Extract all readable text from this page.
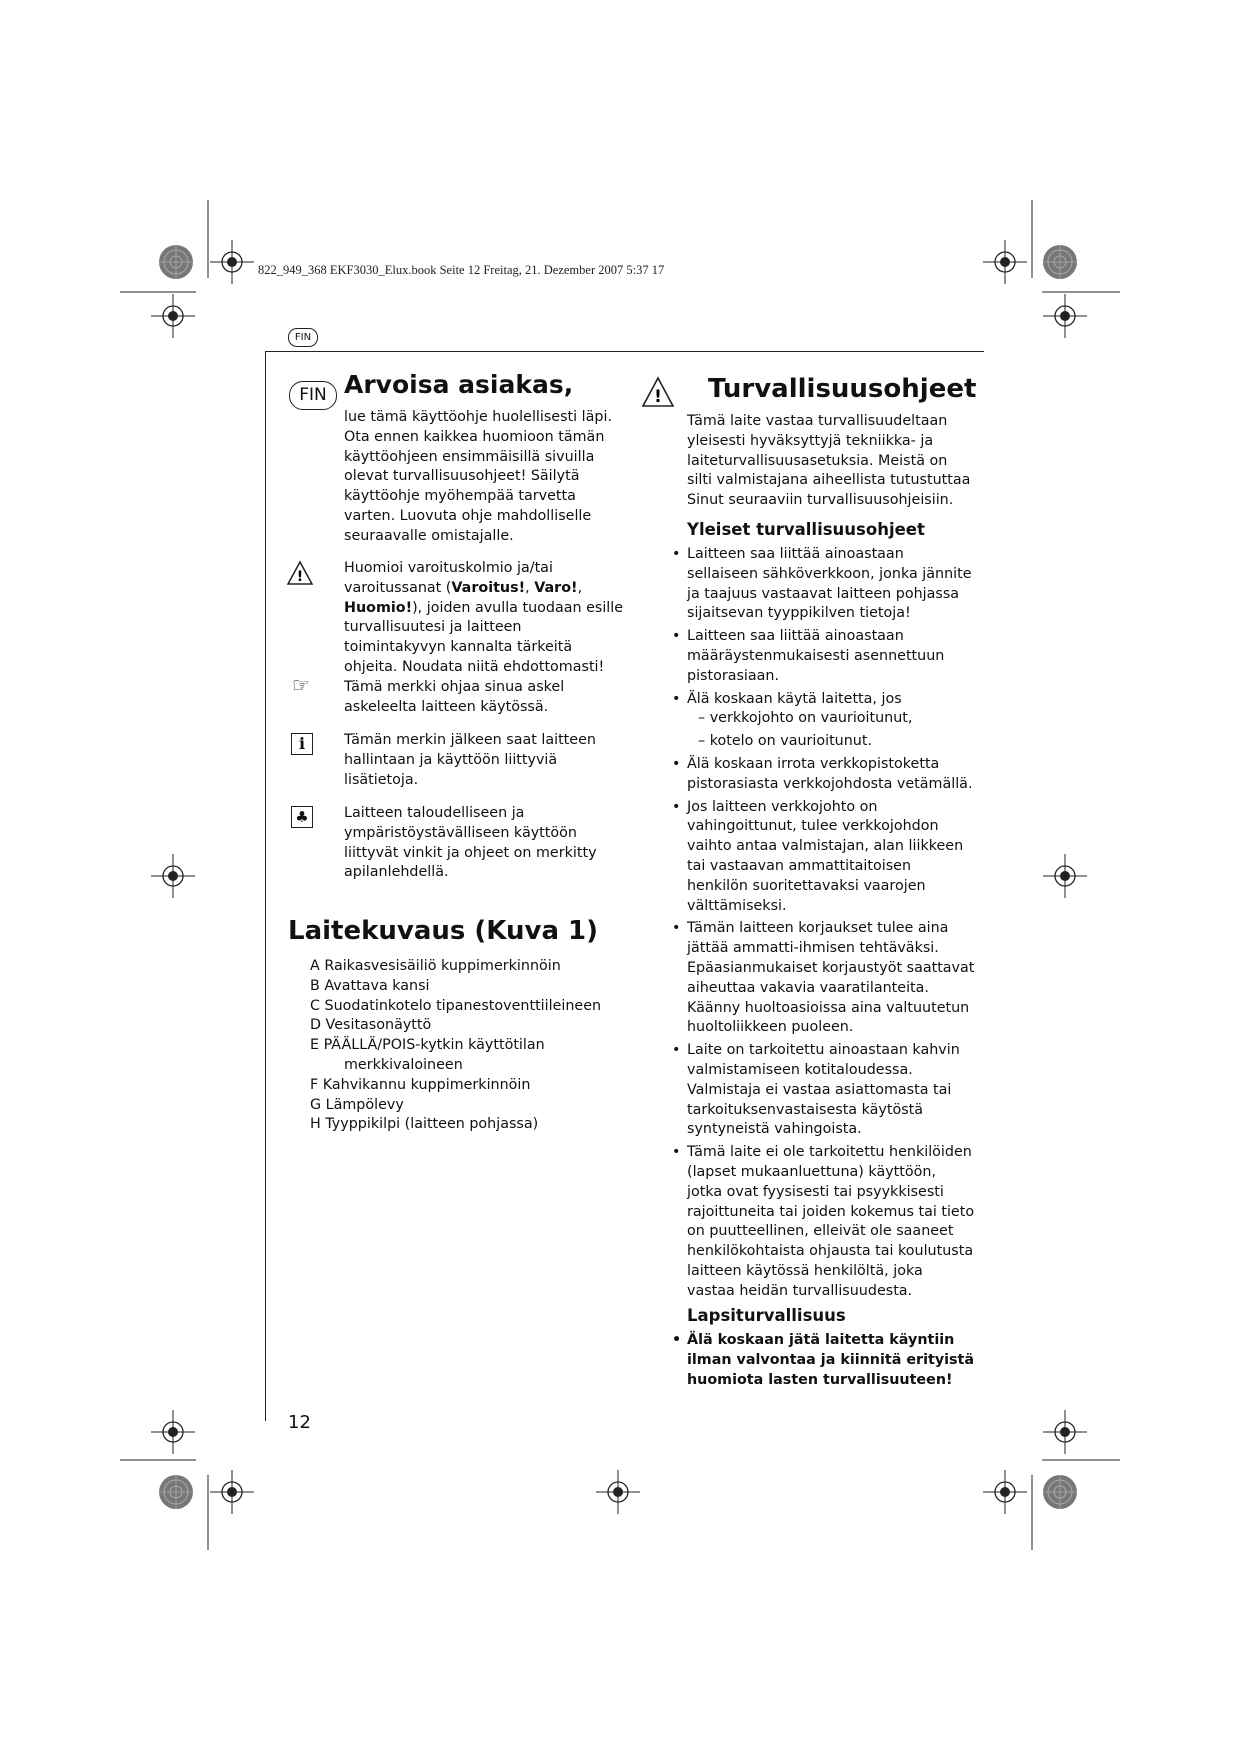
822_949_368 EKF3030_Elux.book Seite 12 Freitag, 21. Dezember 2007 5:37 17
FIN
FIN Arvoisa asiakas,
lue tämä käyttöohje huolellisesti läpi. Ota ennen kaikkea huomioon tämän käyttöohjeen ensimmäisillä sivuilla olevat turvallisuusohjeet! Säilytä käyttöohje myöhempää tarvetta varten. Luovuta ohje mahdolliselle seuraavalle omistajalle.
!
Huomioi varoituskolmio ja/tai varoitussanat (Varoitus!, Varo!, Huomio!), joiden avulla tuodaan esille turvallisuutesi ja laitteen toimintakyvyn kannalta tärkeitä ohjeita. Noudata niitä ehdottomasti!
☞ Tämä merkki ohjaa sinua askel askeleelta laitteen käytössä.
i	Tämän merkin jälkeen saat laitteen hallintaan ja käyttöön liittyviä lisätietoja.
♣ Laitteen taloudelliseen ja ympäristöystävälliseen käyttöön liittyvät vinkit ja ohjeet on merkitty apilanlehdellä.
Laitekuvaus (Kuva 1)
A Raikasvesisäiliö kuppimerkinnöin
B Avattava kansi
C Suodatinkotelo tipanestoventtiileineen
D Vesitasonäyttö
E PÄÄLLÄ/POIS-kytkin käyttötilan
merkkivaloineen
F Kahvikannu kuppimerkinnöin
G Lämpölevy
H Tyyppikilpi (laitteen pohjassa)
12
! Turvallisuusohjeet
Tämä laite vastaa turvallisuudeltaan yleisesti hyväksyttyjä tekniikka- ja laiteturvallisuusasetuksia. Meistä on silti valmistajana aiheellista tutustuttaa Sinut seuraaviin turvallisuusohjeisiin.
Yleiset turvallisuusohjeet
• Laitteen saa liittää ainoastaan sellaiseen sähköverkkoon, jonka jännite ja taajuus vastaavat laitteen pohjassa sijaitsevan tyyppikilven tietoja!
• Laitteen saa liittää ainoastaan määräystenmukaisesti asennettuun pistorasiaan.
• Älä koskaan käytä laitetta, jos
– verkkojohto on vaurioitunut,
– kotelo on vaurioitunut.
• Älä koskaan irrota verkkopistoketta pistorasiasta verkkojohdosta vetämällä.
• Jos laitteen verkkojohto on vahingoittunut, tulee verkkojohdon vaihto antaa valmistajan, alan liikkeen tai vastaavan ammattitaitoisen henkilön suoritettavaksi vaarojen välttämiseksi.
• Tämän laitteen korjaukset tulee aina jättää ammatti-ihmisen tehtäväksi. Epäasianmukaiset korjaustyöt saattavat aiheuttaa vakavia vaaratilanteita. Käänny huoltoasioissa aina valtuutetun huoltoliikkeen puoleen.
• Laite on tarkoitettu ainoastaan kahvin valmistamiseen kotitaloudessa. Valmistaja ei vastaa asiattomasta tai tarkoituksenvastaisesta käytöstä syntyneistä vahingoista.
• Tämä laite ei ole tarkoitettu henkilöiden (lapset mukaanluettuna) käyttöön, jotka ovat fyysisesti tai psyykkisesti rajoittuneita tai joiden kokemus tai tieto on puutteellinen, elleivät ole saaneet henkilökohtaista ohjausta tai koulutusta laitteen käytössä henkilöltä, joka vastaa heidän turvallisuudesta.
Lapsiturvallisuus
• Älä koskaan jätä laitetta käyntiin ilman valvontaa ja kiinnitä erityistä huomiota lasten turvallisuuteen!
